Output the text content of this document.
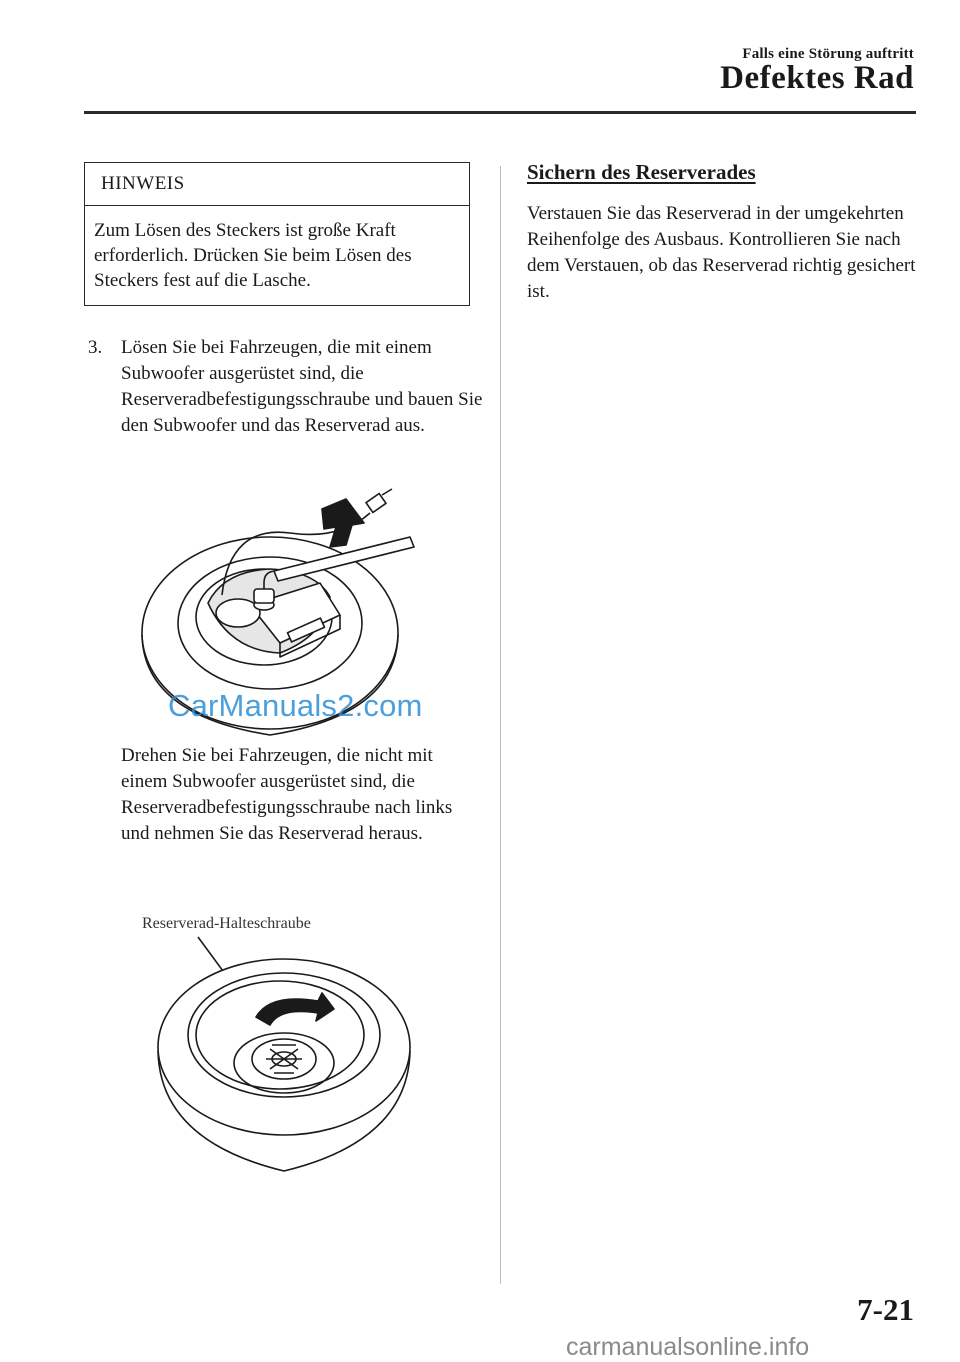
Falls eine Störung auftritt
Defektes Rad
HINWEIS
Zum Lösen des Steckers ist große Kraft erforderlich. Drücken Sie beim Lösen des Steckers fest auf die Lasche.
3. Lösen Sie bei Fahrzeugen, die mit einem Subwoofer ausgerüstet sind, die Reserveradbefestigungsschraube und bauen Sie den Subwoofer und das Reserverad aus.
CarManuals2.com
Drehen Sie bei Fahrzeugen, die nicht mit einem Subwoofer ausgerüstet sind, die Reserveradbefestigungsschraube nach links und nehmen Sie das Reserverad heraus.
Reserverad-Halteschraube
Sichern des Reserverades
Verstauen Sie das Reserverad in der umgekehrten Reihenfolge des Ausbaus. Kontrollieren Sie nach dem Verstauen, ob das Reserverad richtig gesichert ist.
7-21
carmanualsonline.info
